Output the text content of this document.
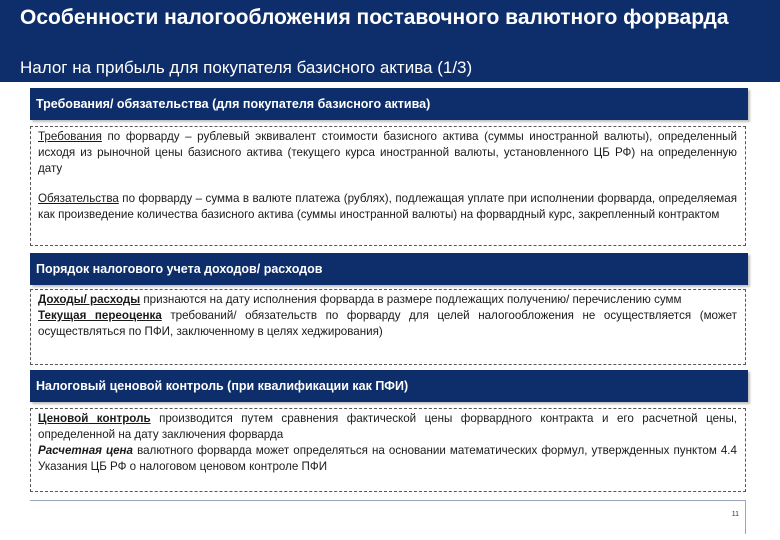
Особенности налогообложения поставочного валютного форварда
Налог на прибыль для покупателя базисного актива (1/3)
Требования/ обязательства (для покупателя базисного актива)

Требования по форварду – рублевый эквивалент стоимости базисного актива (суммы иностранной валюты), определенный исходя из рыночной цены базисного актива (текущего курса иностранной валюты, установленного ЦБ РФ) на определенную дату

Обязательства по форварду – сумма в валюте платежа (рублях), подлежащая уплате при исполнении форварда, определяемая как произведение количества базисного актива (суммы иностранной валюты) на форвардный курс, закрепленный контрактом

Порядок налогового учета доходов/ расходов

Доходы/ расходы признаются на дату исполнения форварда в размере подлежащих получению/ перечислению сумм

Текущая переоценка требований/ обязательств по форварду для целей налогообложения не осуществляется (может осуществляться по ПФИ, заключенному в целях хеджирования)

Налоговый ценовой контроль (при квалификации как ПФИ)

Ценовой контроль производится путем сравнения фактической цены форвардного контракта и его расчетной цены, определенной на дату заключения форварда

Расчетная цена валютного форварда может определяться на основании математических формул, утвержденных пунктом 4.4 Указания ЦБ РФ о налоговом ценовом контроле ПФИ

11
